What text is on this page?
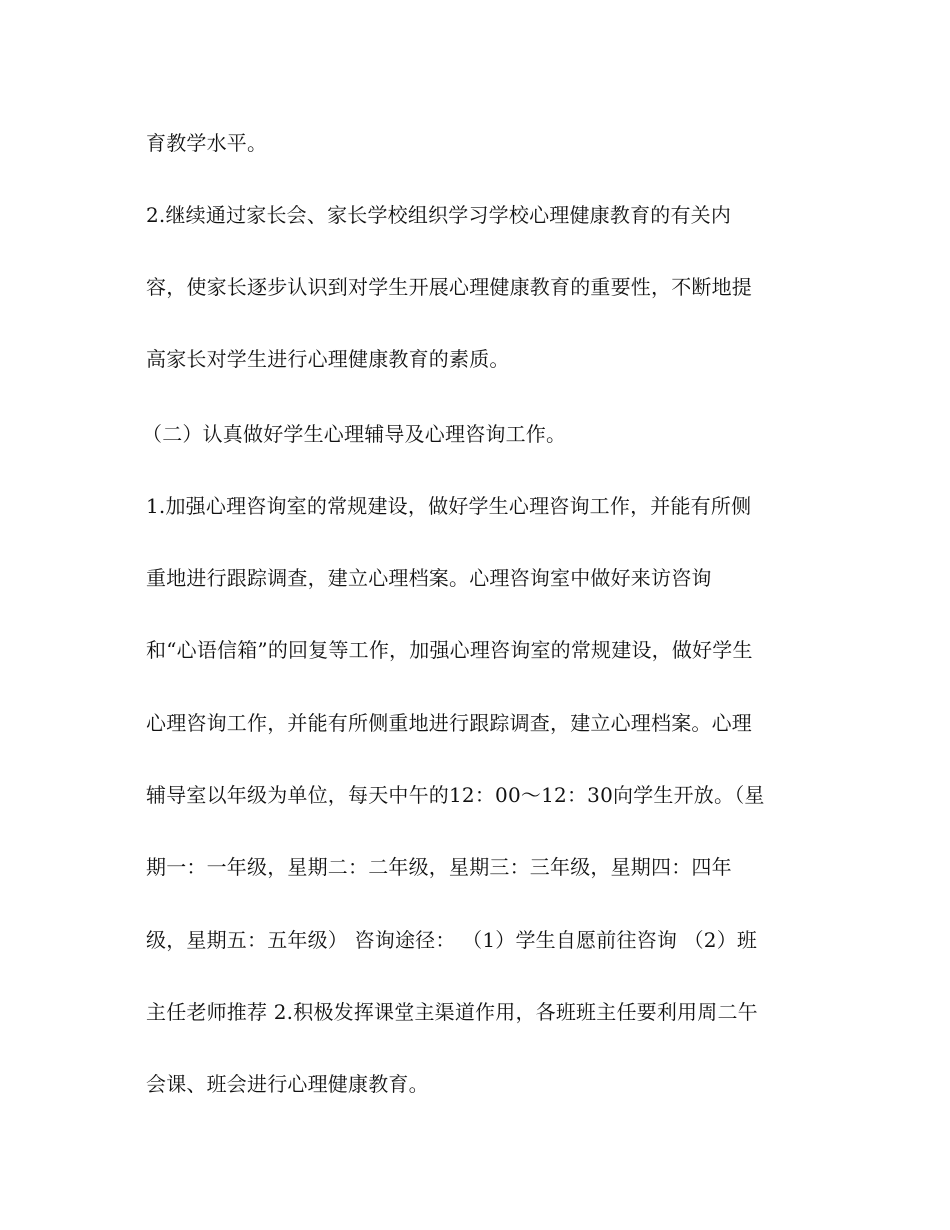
育教学水平。

2.继续通过家长会、家长学校组织学习学校心理健康教育的有关内

容，使家长逐步认识到对学生开展心理健康教育的重要性，不断地提

高家长对学生进行心理健康教育的素质。

（二）认真做好学生心理辅导及心理咨询工作。

1.加强心理咨询室的常规建设，做好学生心理咨询工作，并能有所侧

重地进行跟踪调查，建立心理档案。心理咨询室中做好来访咨询

和“心语信箱”的回复等工作，加强心理咨询室的常规建设，做好学生

心理咨询工作，并能有所侧重地进行跟踪调查，建立心理档案。心理

辅导室以年级为单位，每天中午的12：00～12：30向学生开放。（星

期一：一年级，星期二：二年级，星期三：三年级，星期四：四年

级，星期五：五年级） 咨询途径： （1）学生自愿前往咨询 （2）班

主任老师推荐 2.积极发挥课堂主渠道作用，各班班主任要利用周二午

会课、班会进行心理健康教育。
